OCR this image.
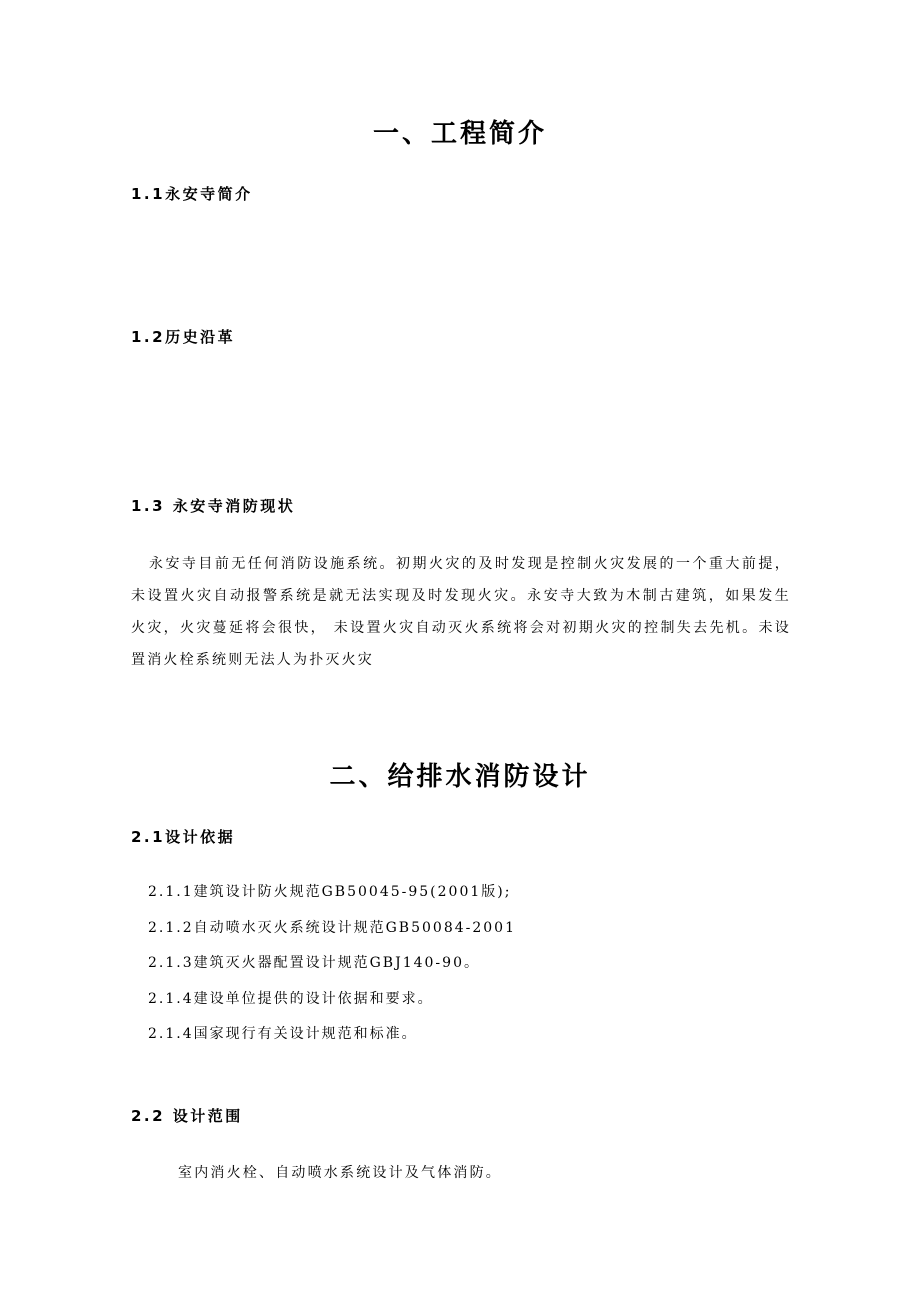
一、工程简介
1.1永安寺简介
1.2历史沿革
1.3 永安寺消防现状

永安寺目前无任何消防设施系统。初期火灾的及时发现是控制火灾发展的一个重大前提，未设置火灾自动报警系统是就无法实现及时发现火灾。永安寺大致为木制古建筑，如果发生火灾，火灾蔓延将会很快， 未设置火灾自动灭火系统将会对初期火灾的控制失去先机。未设置消火栓系统则无法人为扑灭火灾

二、给排水消防设计
2.1设计依据
2.1.1建筑设计防火规范GB50045-95(2001版);
2.1.2自动喷水灭火系统设计规范GB50084-2001
2.1.3建筑灭火器配置设计规范GBJ140-90。
2.1.4建设单位提供的设计依据和要求。
2.1.4国家现行有关设计规范和标准。
2.2 设计范围

室内消火栓、自动喷水系统设计及气体消防。
